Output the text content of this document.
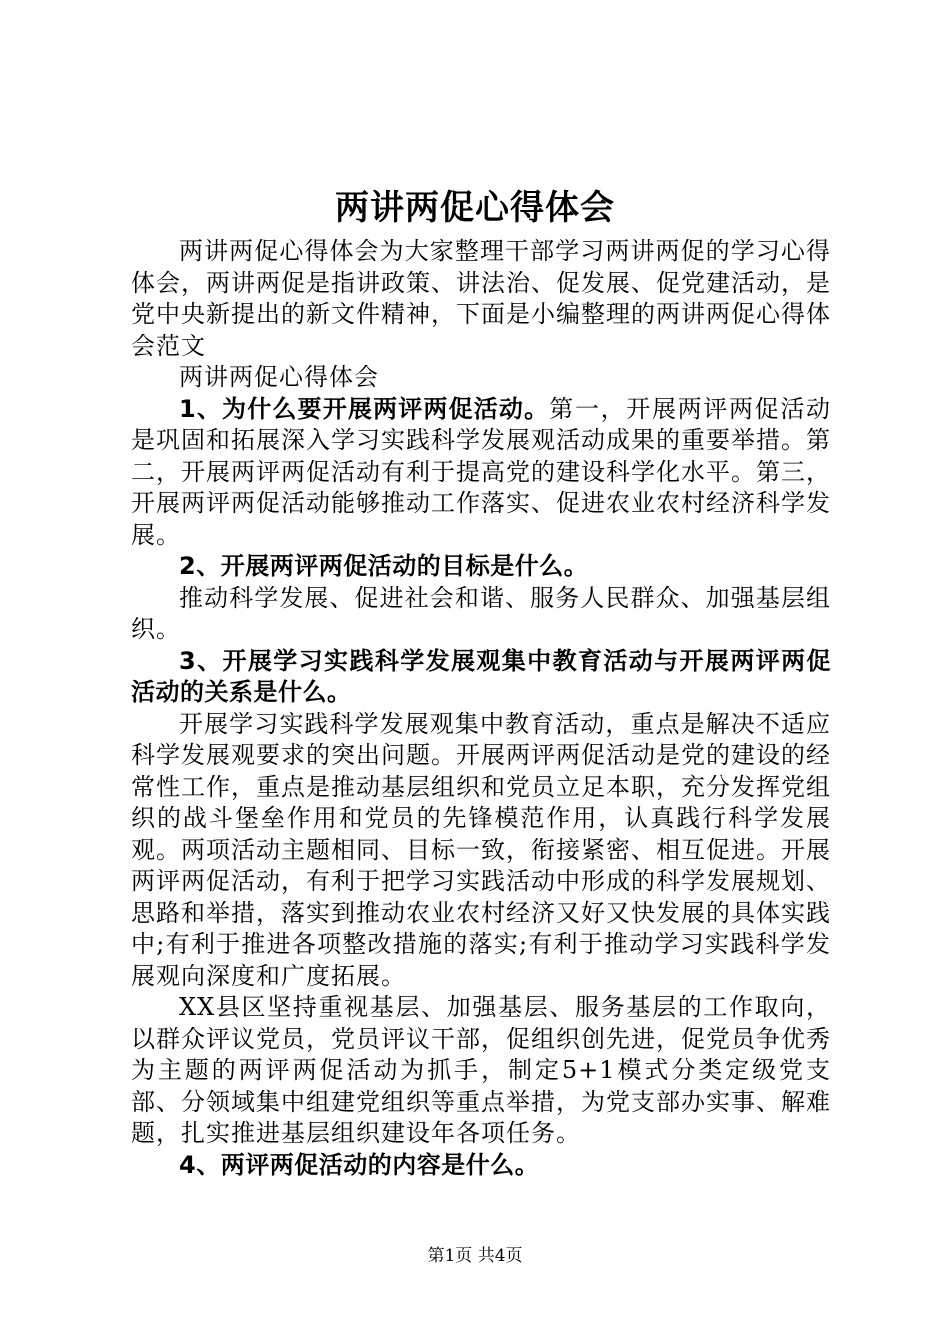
两讲两促心得体会

两讲两促心得体会为大家整理干部学习两讲两促的学习心得体会，两讲两促是指讲政策、讲法治、促发展、促党建活动，是党中央新提出的新文件精神，下面是小编整理的两讲两促心得体会范文

两讲两促心得体会

1、为什么要开展两评两促活动。第一，开展两评两促活动是巩固和拓展深入学习实践科学发展观活动成果的重要举措。第二，开展两评两促活动有利于提高党的建设科学化水平。第三，开展两评两促活动能够推动工作落实、促进农业农村经济科学发展。

2、开展两评两促活动的目标是什么。

推动科学发展、促进社会和谐、服务人民群众、加强基层组织。

3、开展学习实践科学发展观集中教育活动与开展两评两促活动的关系是什么。

开展学习实践科学发展观集中教育活动，重点是解决不适应科学发展观要求的突出问题。开展两评两促活动是党的建设的经常性工作，重点是推动基层组织和党员立足本职，充分发挥党组织的战斗堡垒作用和党员的先锋模范作用，认真践行科学发展观。两项活动主题相同、目标一致，衔接紧密、相互促进。开展两评两促活动，有利于把学习实践活动中形成的科学发展规划、思路和举措，落实到推动农业农村经济又好又快发展的具体实践中;有利于推进各项整改措施的落实;有利于推动学习实践科学发展观向深度和广度拓展。

XX县区坚持重视基层、加强基层、服务基层的工作取向，以群众评议党员，党员评议干部，促组织创先进，促党员争优秀为主题的两评两促活动为抓手，制定5+1模式分类定级党支部、分领域集中组建党组织等重点举措，为党支部办实事、解难题，扎实推进基层组织建设年各项任务。

4、两评两促活动的内容是什么。

第1页 共4页
